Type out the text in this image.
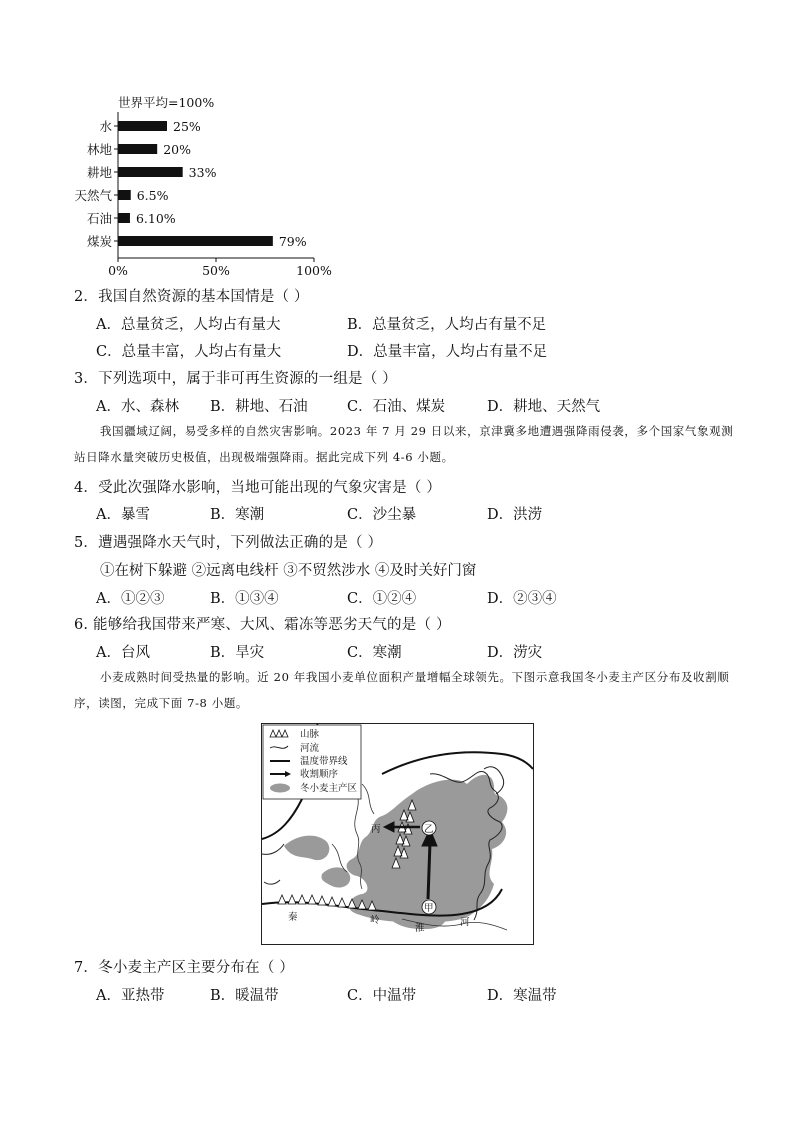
世界平均=100%
水	25%
林地	20%
耕地	33%
天然气 6.5%
石油 6.10%
煤炭	79%
0%	50%	100%
2．我国自然资源的基本国情是（ ）
A．总量贫乏，人均占有量大	B．总量贫乏，人均占有量不足
C．总量丰富，人均占有量大	D．总量丰富，人均占有量不足
3．下列选项中，属于非可再生资源的一组是（ ）
A．水、森林 B．耕地、石油	C．石油、煤炭	D．耕地、天然气
我国疆域辽阔，易受多样的自然灾害影响。2023 年 7 月 29 日以来，京津冀多地遭遇强降雨侵袭，多个国家气象观测站日降水量突破历史极值，出现极端强降雨。据此完成下列 4-6 小题。
4．受此次强降水影响，当地可能出现的气象灾害是（ ）
A．暴雪	B．寒潮	C．沙尘暴	D．洪涝
5．遭遇强降水天气时，下列做法正确的是（ ）
①在树下躲避 ②远离电线杆 ③不贸然涉水 ④及时关好门窗
A．①②③	B．①③④	C．①②④	D．②③④
6. 能够给我国带来严寒、大风、霜冻等恶劣天气的是（ ）
A．台风	B．旱灾	C．寒潮	D．涝灾
小麦成熟时间受热量的影响。近 20 年我国小麦单位面积产量增幅全球领先。下图示意我国冬小麦主产区分布及收割顺序，读图，完成下面 7-8 小题。
乙
丙
甲
秦	岭
淮
河
山脉
河流
温度带界线
收割顺序
冬小麦主产区
7．冬小麦主产区主要分布在（ ）
A．亚热带	B．暖温带	C．中温带	D．寒温带
